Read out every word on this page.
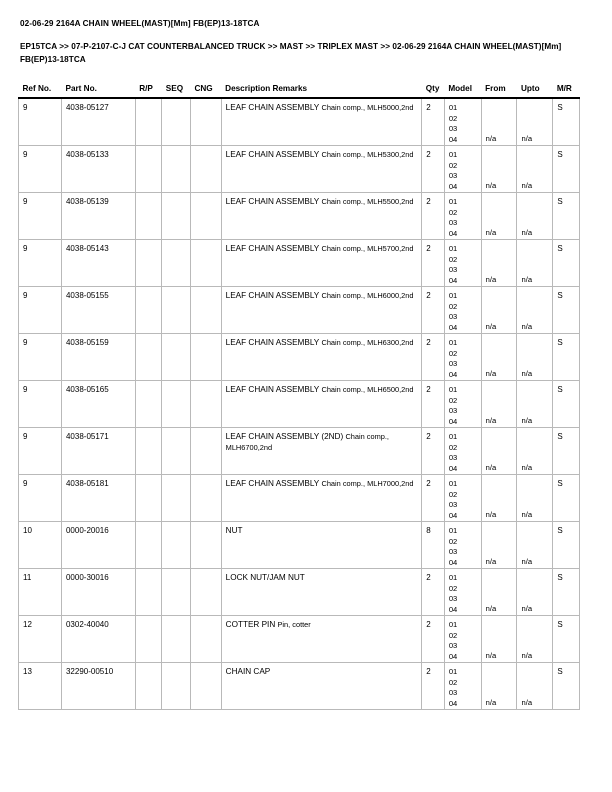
02-06-29 2164A CHAIN WHEEL(MAST)[Mm] FB(EP)13-18TCA
EP15TCA >> 07-P-2107-C-J CAT COUNTERBALANCED TRUCK >> MAST >> TRIPLEX MAST >> 02-06-29 2164A CHAIN WHEEL(MAST)[Mm] FB(EP)13-18TCA
Ref No.	Part No.	R/P	SEQ	CNG	Description Remarks	Qty	Model	From	Upto	M/R
9	4038-05127				LEAF CHAIN ASSEMBLY Chain comp., MLH5000,2nd	2	01
02
03
04	n/a	n/a	S
9	4038-05133				LEAF CHAIN ASSEMBLY Chain comp., MLH5300,2nd	2	01
02
03
04	n/a	n/a	S
9	4038-05139				LEAF CHAIN ASSEMBLY Chain comp., MLH5500,2nd	2	01
02
03
04	n/a	n/a	S
9	4038-05143				LEAF CHAIN ASSEMBLY Chain comp., MLH5700,2nd	2	01
02
03
04	n/a	n/a	S
9	4038-05155				LEAF CHAIN ASSEMBLY Chain comp., MLH6000,2nd	2	01
02
03
04	n/a	n/a	S
9	4038-05159				LEAF CHAIN ASSEMBLY Chain comp., MLH6300,2nd	2	01
02
03
04	n/a	n/a	S
9	4038-05165				LEAF CHAIN ASSEMBLY Chain comp., MLH6500,2nd	2	01
02
03
04	n/a	n/a	S
9	4038-05171				LEAF CHAIN ASSEMBLY (2ND) Chain comp., MLH6700,2nd	2	01
02
03
04	n/a	n/a	S
9	4038-05181				LEAF CHAIN ASSEMBLY Chain comp., MLH7000,2nd	2	01
02
03
04	n/a	n/a	S
10	0000-20016				NUT	8	01
02
03
04	n/a	n/a	S
11	0000-30016				LOCK NUT/JAM NUT	2	01
02
03
04	n/a	n/a	S
12	0302-40040				COTTER PIN Pin, cotter	2	01
02
03
04	n/a	n/a	S
13	32290-00510				CHAIN CAP	2	01
02
03
04	n/a	n/a	S
